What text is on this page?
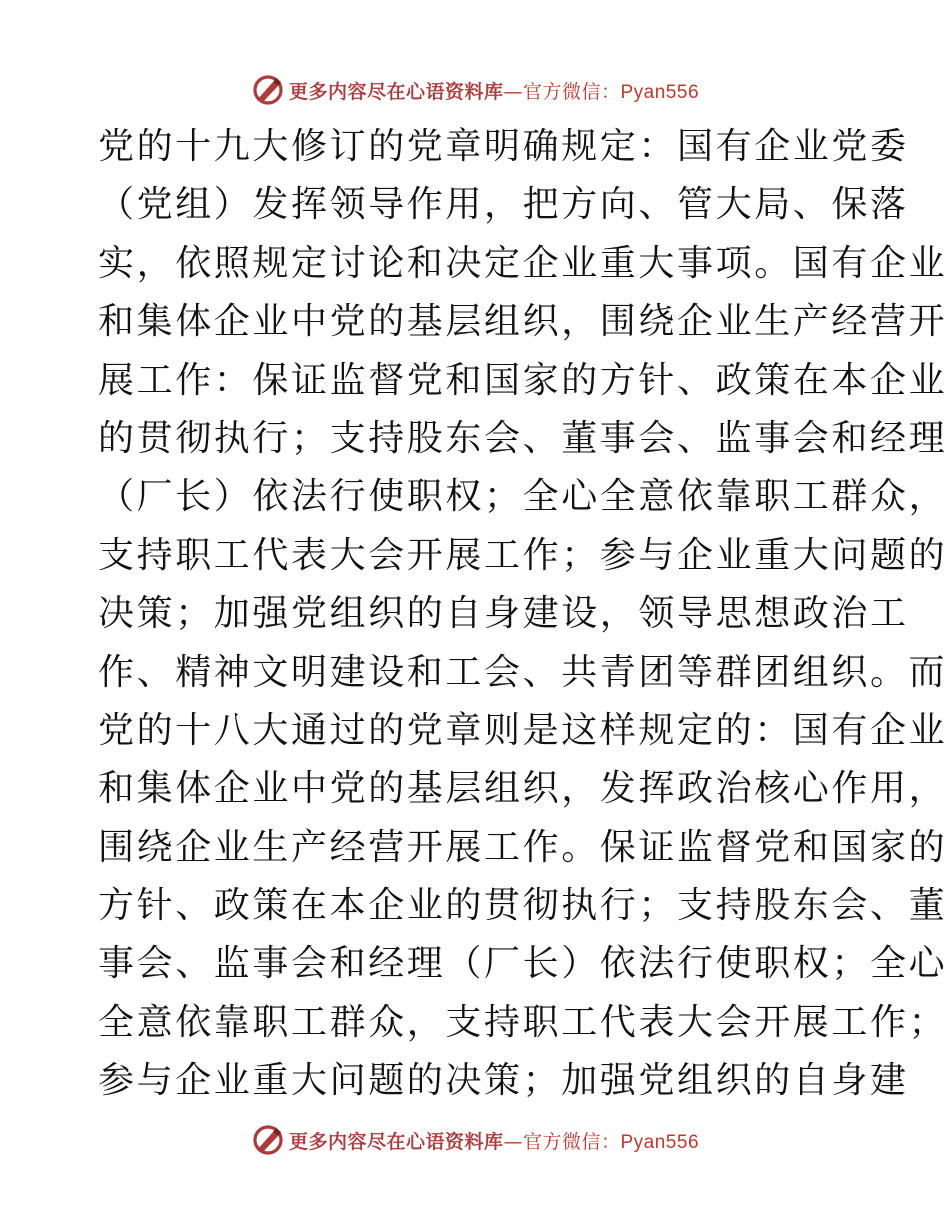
更多内容尽在心语资料库—官方微信：Pyan556
党的十九大修订的党章明确规定：国有企业党委
（党组）发挥领导作用，把方向、管大局、保落
实，依照规定讨论和决定企业重大事项。国有企业
和集体企业中党的基层组织，围绕企业生产经营开
展工作：保证监督党和国家的方针、政策在本企业
的贯彻执行；支持股东会、董事会、监事会和经理
（厂长）依法行使职权；全心全意依靠职工群众，
支持职工代表大会开展工作；参与企业重大问题的
决策；加强党组织的自身建设，领导思想政治工
作、精神文明建设和工会、共青团等群团组织。而
党的十八大通过的党章则是这样规定的：国有企业
和集体企业中党的基层组织，发挥政治核心作用，
围绕企业生产经营开展工作。保证监督党和国家的
方针、政策在本企业的贯彻执行；支持股东会、董
事会、监事会和经理（厂长）依法行使职权；全心
全意依靠职工群众，支持职工代表大会开展工作；
参与企业重大问题的决策；加强党组织的自身建
更多内容尽在心语资料库—官方微信：Pyan556
